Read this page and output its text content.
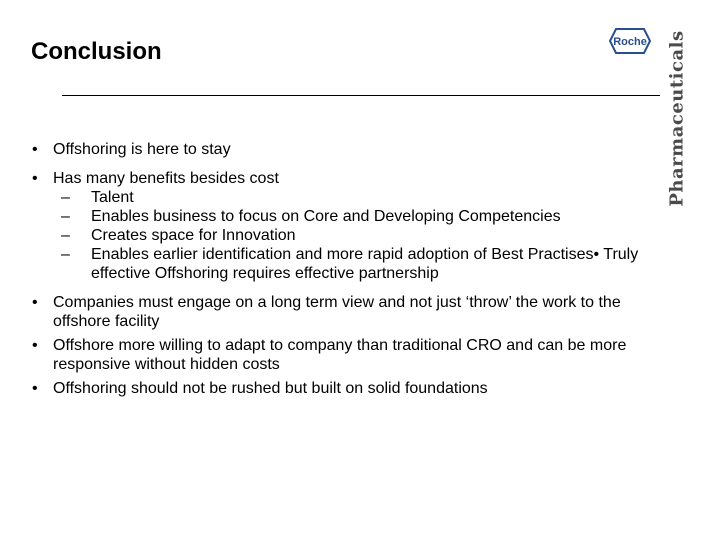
Conclusion	Roche Pharmaceuticals

• Offshoring is here to stay

• Has many benefits besides cost

– Talent

– Enables business to focus on Core and Developing Competencies

– Creates space for Innovation

– Enables earlier identification and more rapid adoption of Best Practises• Truly effective Offshoring requires effective partnership

• Companies must engage on a long term view and not just ‘throw’ the work to the offshore facility

• Offshore more willing to adapt to company than traditional CRO and can be more responsive without hidden costs

• Offshoring should not be rushed but built on solid foundations
